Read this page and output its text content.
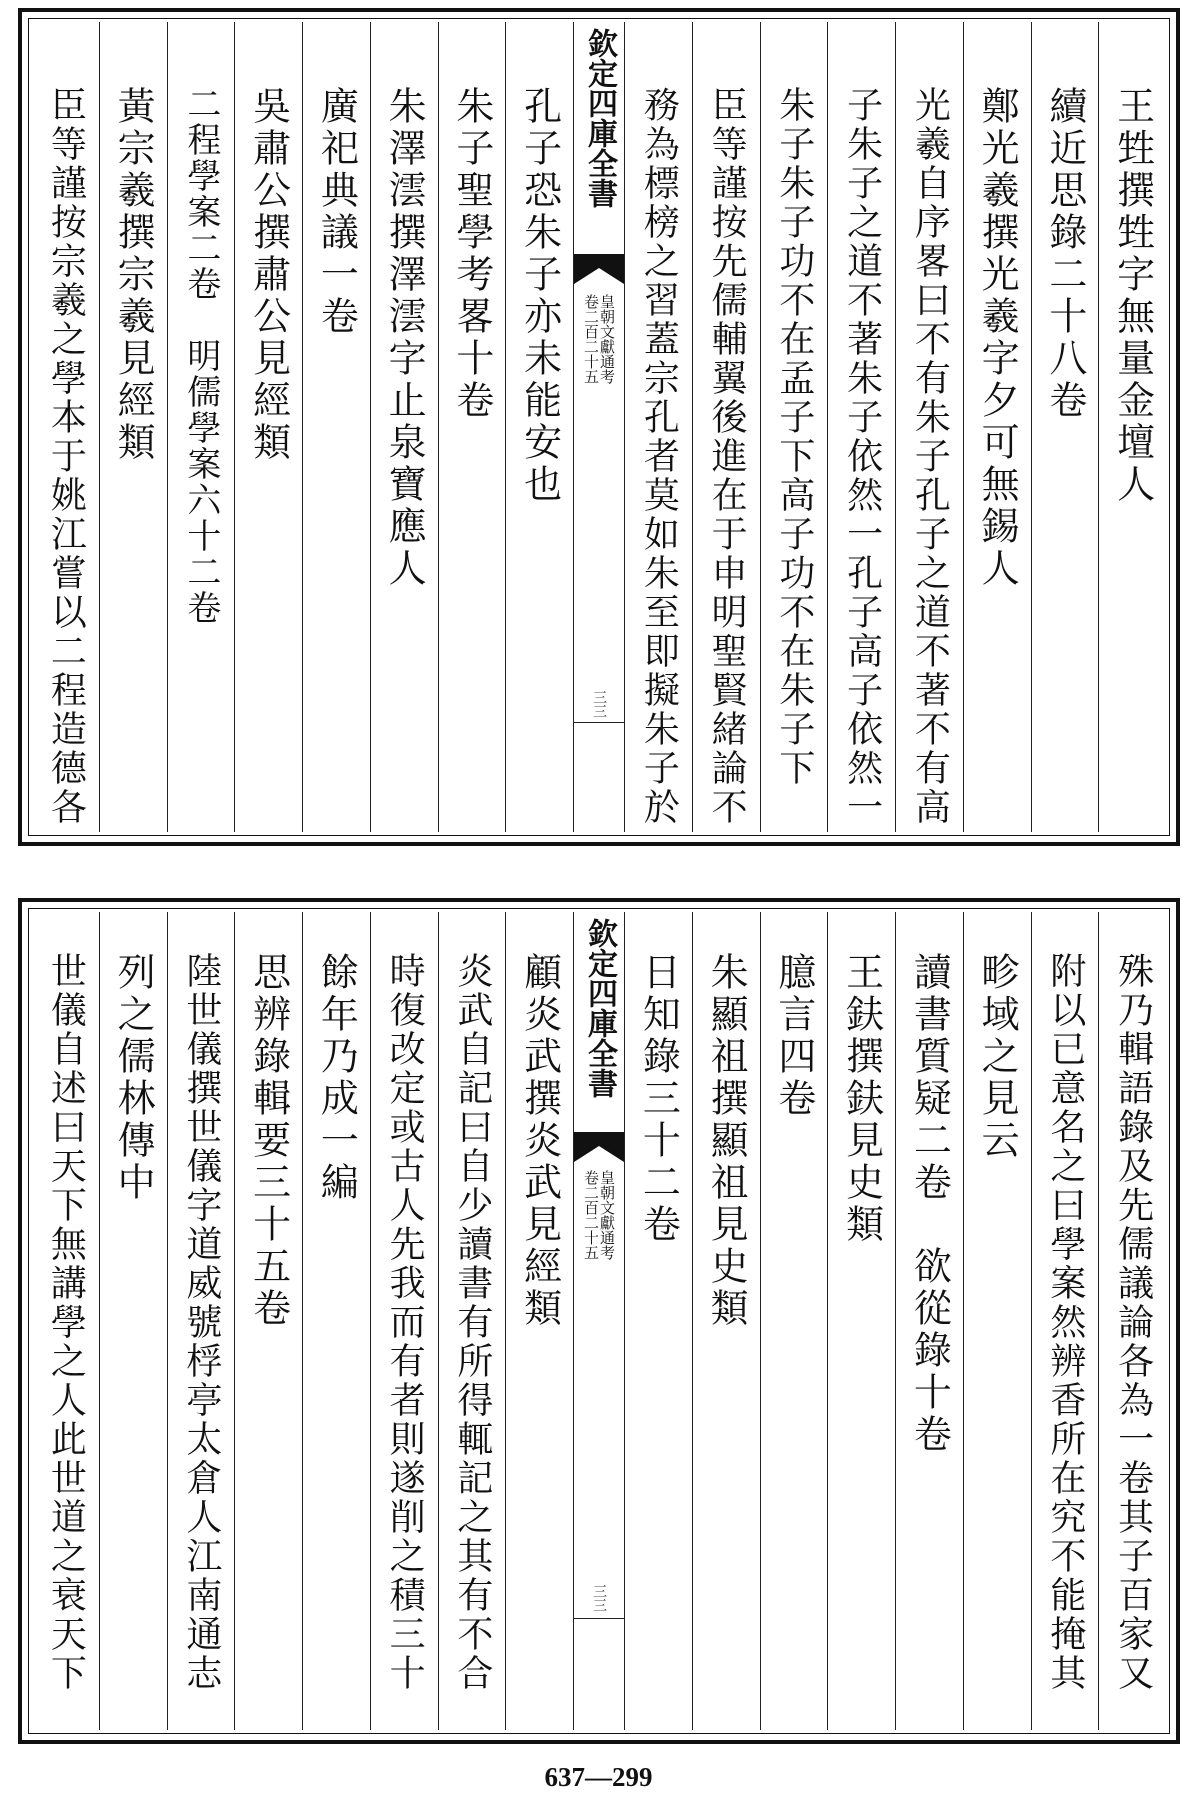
王甡撰甡字無量金壇人
續近思錄二十八卷
鄭光羲撰光羲字夕可無錫人
光羲自序畧曰不有朱子孔子之道不著不有高
子朱子之道不著朱子依然一孔子高子依然一
朱子朱子功不在孟子下高子功不在朱子下
臣等謹按先儒輔翼後進在于申明聖賢緒論不
務為標榜之習蓋宗孔者莫如朱至即擬朱子於
欽定四庫全書
皇朝文獻通考
卷二百二十五
三三
孔子恐朱子亦未能安也
朱子聖學考畧十卷
朱澤澐撰澤澐字止泉寶應人
廣祀典議一卷
吳肅公撰肅公見經類
二程學案二卷　明儒學案六十二卷
黃宗羲撰宗羲見經類
臣等謹按宗羲之學本于姚江嘗以二程造德各
殊乃輯語錄及先儒議論各為一卷其子百家又
附以已意名之曰學案然辨香所在究不能掩其
畛域之見云
讀書質疑二卷　欲從錄十卷
王鈇撰鈇見史類
臆言四卷
朱顯祖撰顯祖見史類
日知錄三十二卷
欽定四庫全書
皇朝文獻通考
卷二百二十五
三三
顧炎武撰炎武見經類
炎武自記曰自少讀書有所得輒記之其有不合
時復改定或古人先我而有者則遂削之積三十
餘年乃成一編
思辨錄輯要三十五卷
陸世儀撰世儀字道威號桴亭太倉人江南通志
列之儒林傳中
世儀自述曰天下無講學之人此世道之衰天下
637—299
